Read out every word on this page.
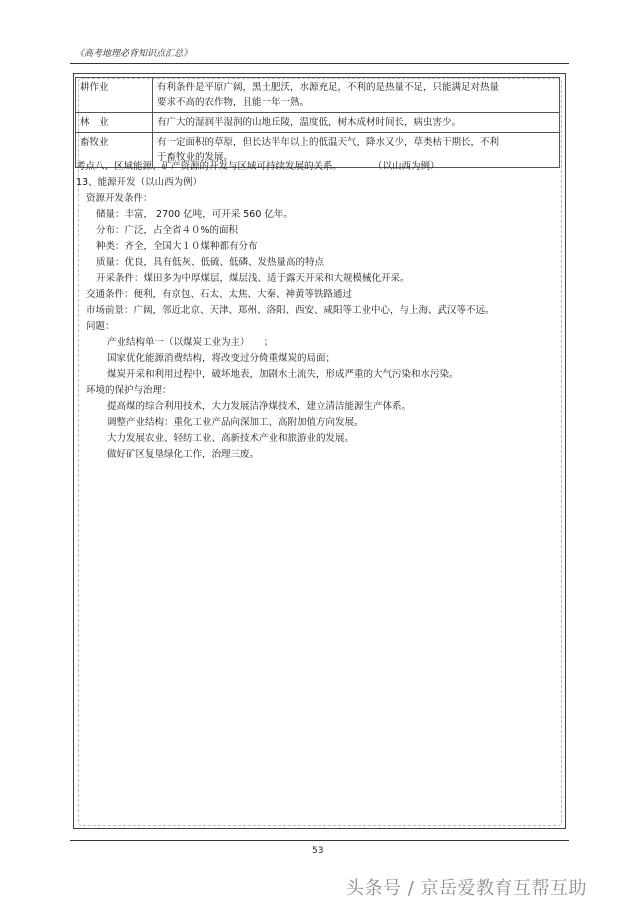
《高考地理必背知识点汇总》
耕作业	有利条件是平原广阔，黑土肥沃，水源充足，不利的是热量不足，只能满足对热量
要求不高的农作物，且能一年一熟。
林　业	有广大的湿润半湿润的山地丘陵，温度低，树木成材时间长，病虫害少。
畜牧业	有一定面积的草原，但长达半年以上的低温天气，降水又少，草类枯干期长，不利
于畜牧业的发展。
考点八、区域能源、矿产资源的开发与区域可持续发展的关系。	（以山西为例）
13、能源开发（以山西为例）
资源开发条件：
储量：丰富， 2700 亿吨，可开采 560 亿年。
分布：广泛，占全省４０%的面积
种类：齐全，全国大１０煤种都有分布
质量：优良，具有低灰、低硫、低磷、发热量高的特点
开采条件：煤田多为中厚煤层，煤层浅、适于露天开采和大规模械化开采。
交通条件：便利，有京包、石太、太焦、大秦、神黄等铁路通过
市场前景：广阔，邻近北京、天津、郑州、洛阳、西安、咸阳等工业中心，与上海、武汉等不远。
问题：
产业结构单一（以煤炭工业为主）　　；
国家优化能源消费结构，将改变过分倚重煤炭的局面；
煤炭开采和利用过程中，破坏地表，加剧水土流失，形成严重的大气污染和水污染。
环境的保护与治理：
提高煤的综合利用技术，大力发展洁净煤技术，建立清洁能源生产体系。
调整产业结构：重化工业产品向深加工、高附加值方向发展。
大力发展农业、轻纺工业、高新技术产业和旅游业的发展。
做好矿区复垦绿化工作，治理三废。
53
头条号 / 京岳爱教育互帮互助
